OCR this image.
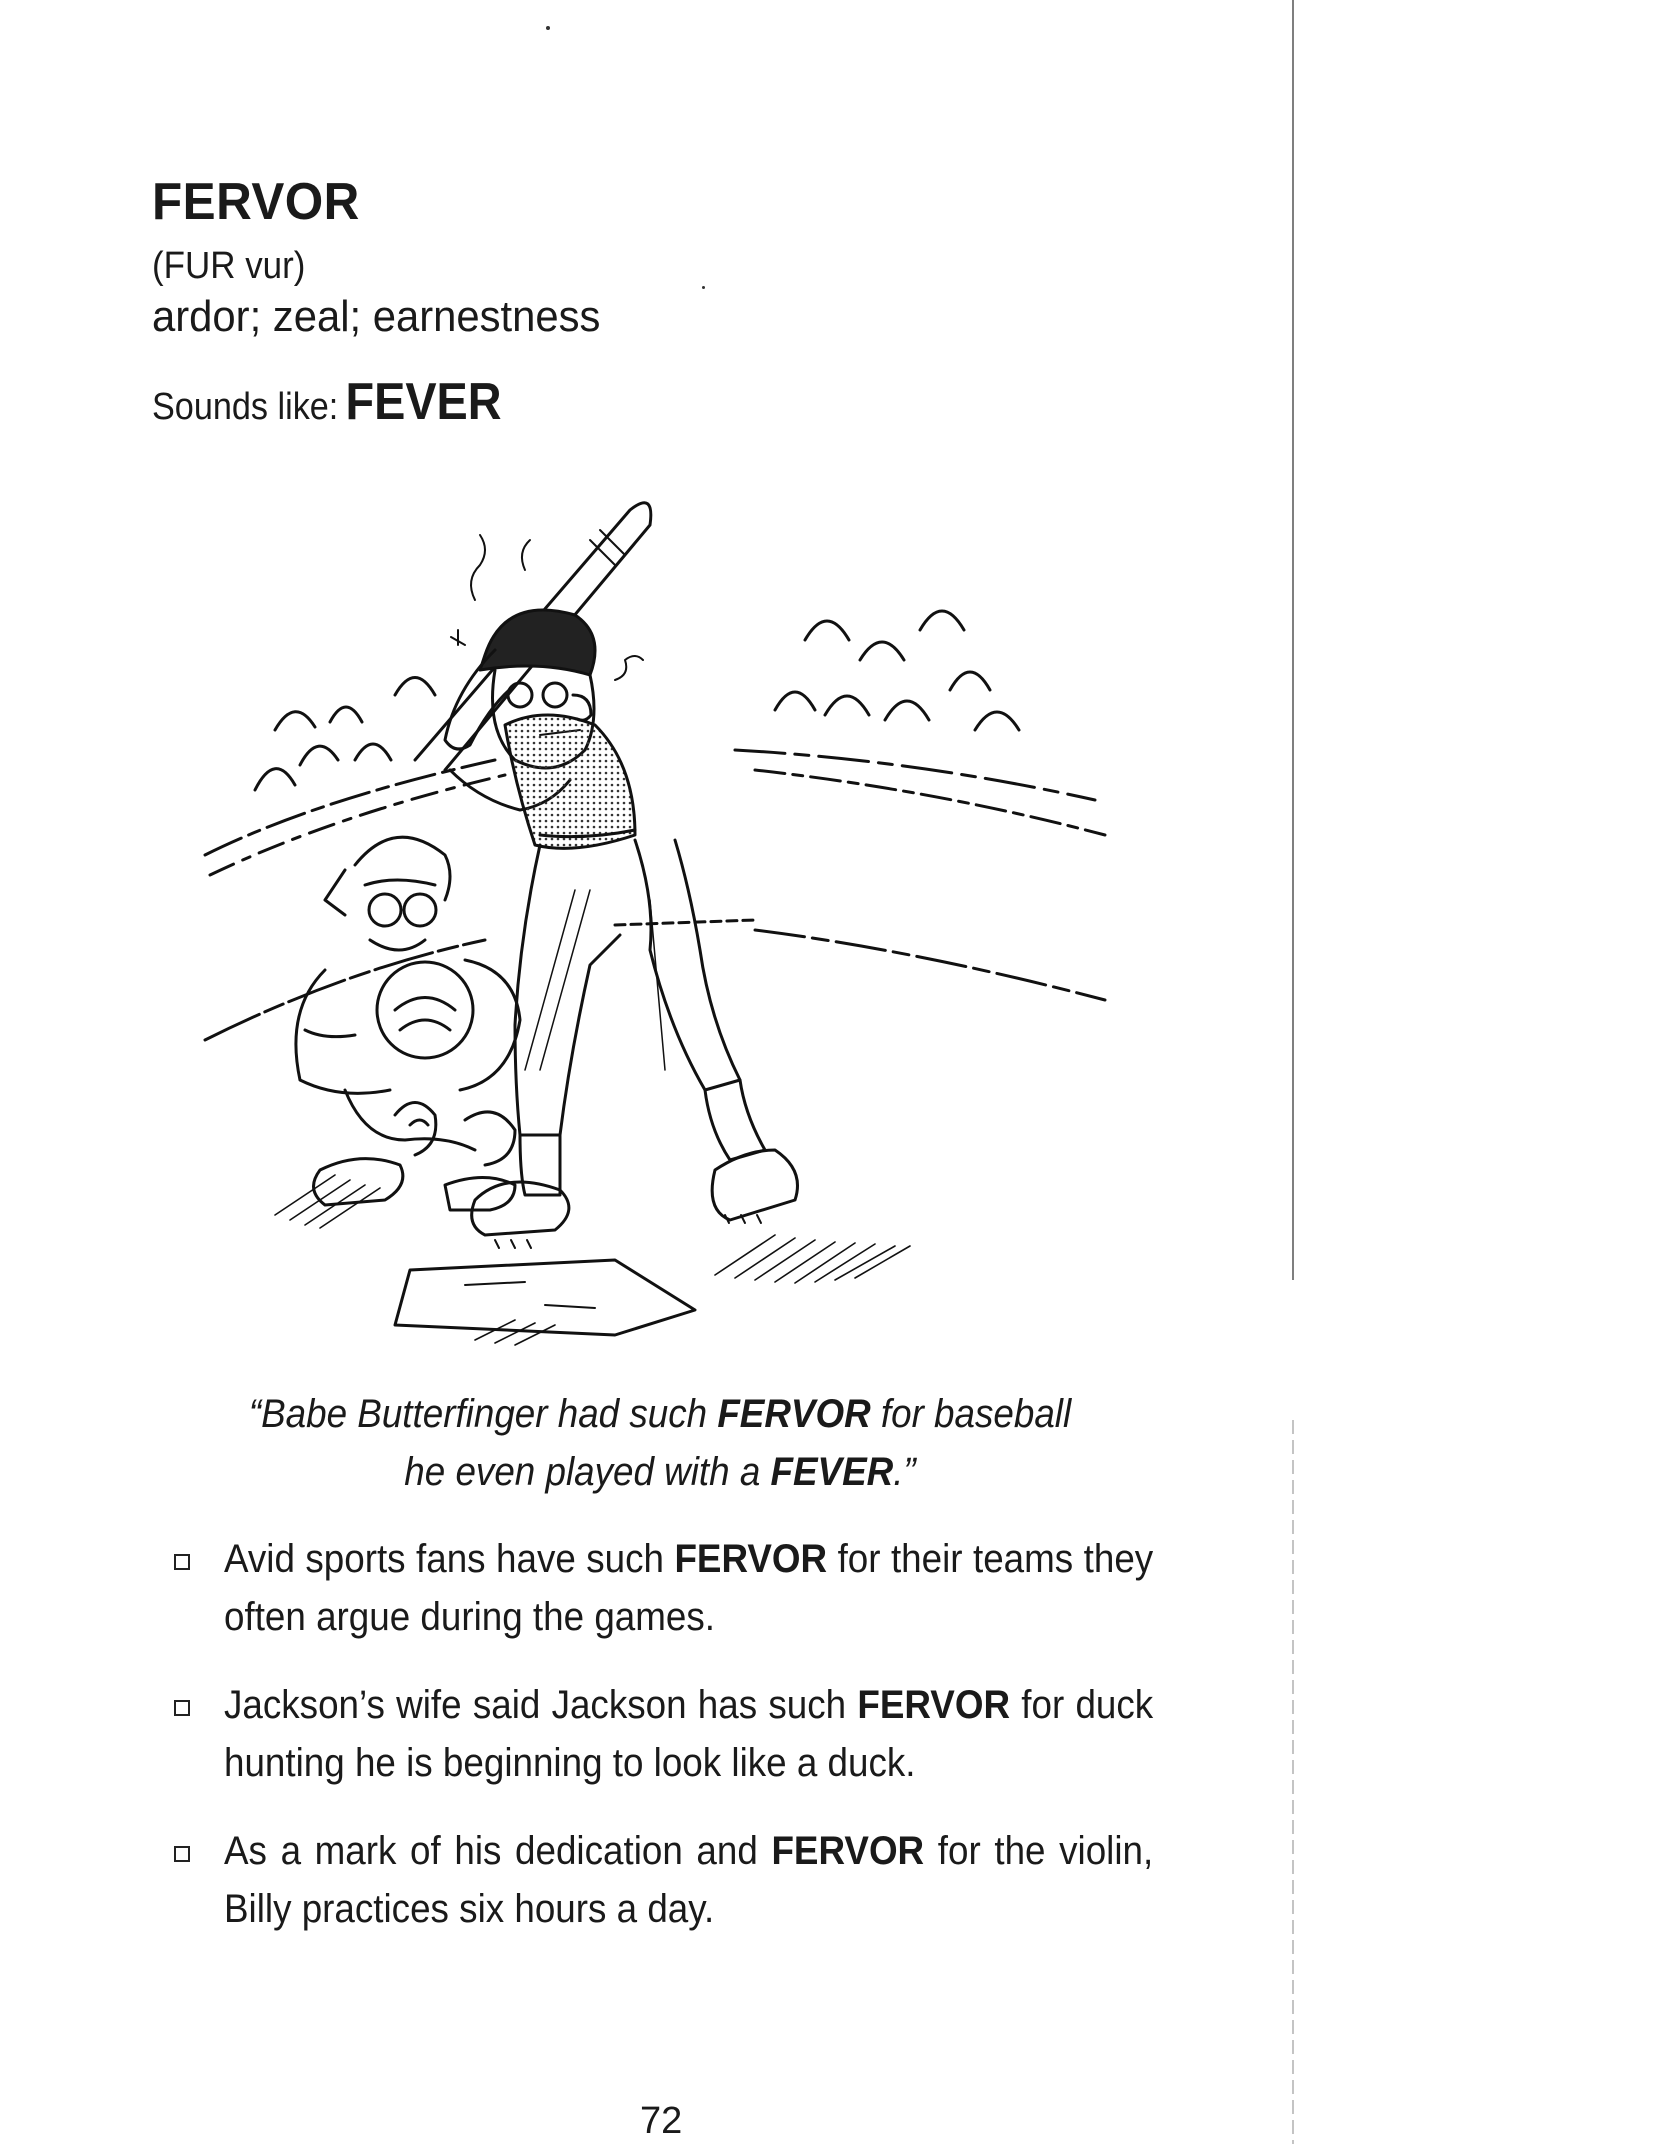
FERVOR
(FUR vur)
ardor; zeal; earnestness
Sounds like: FEVER
“Babe Butterfinger had such FERVOR for baseball he even played with a FEVER.”
Avid sports fans have such FERVOR for their teams they often argue during the games.
Jackson’s wife said Jackson has such FERVOR for duck hunting he is beginning to look like a duck.
As a mark of his dedication and FERVOR for the violin, Billy practices six hours a day.
72
